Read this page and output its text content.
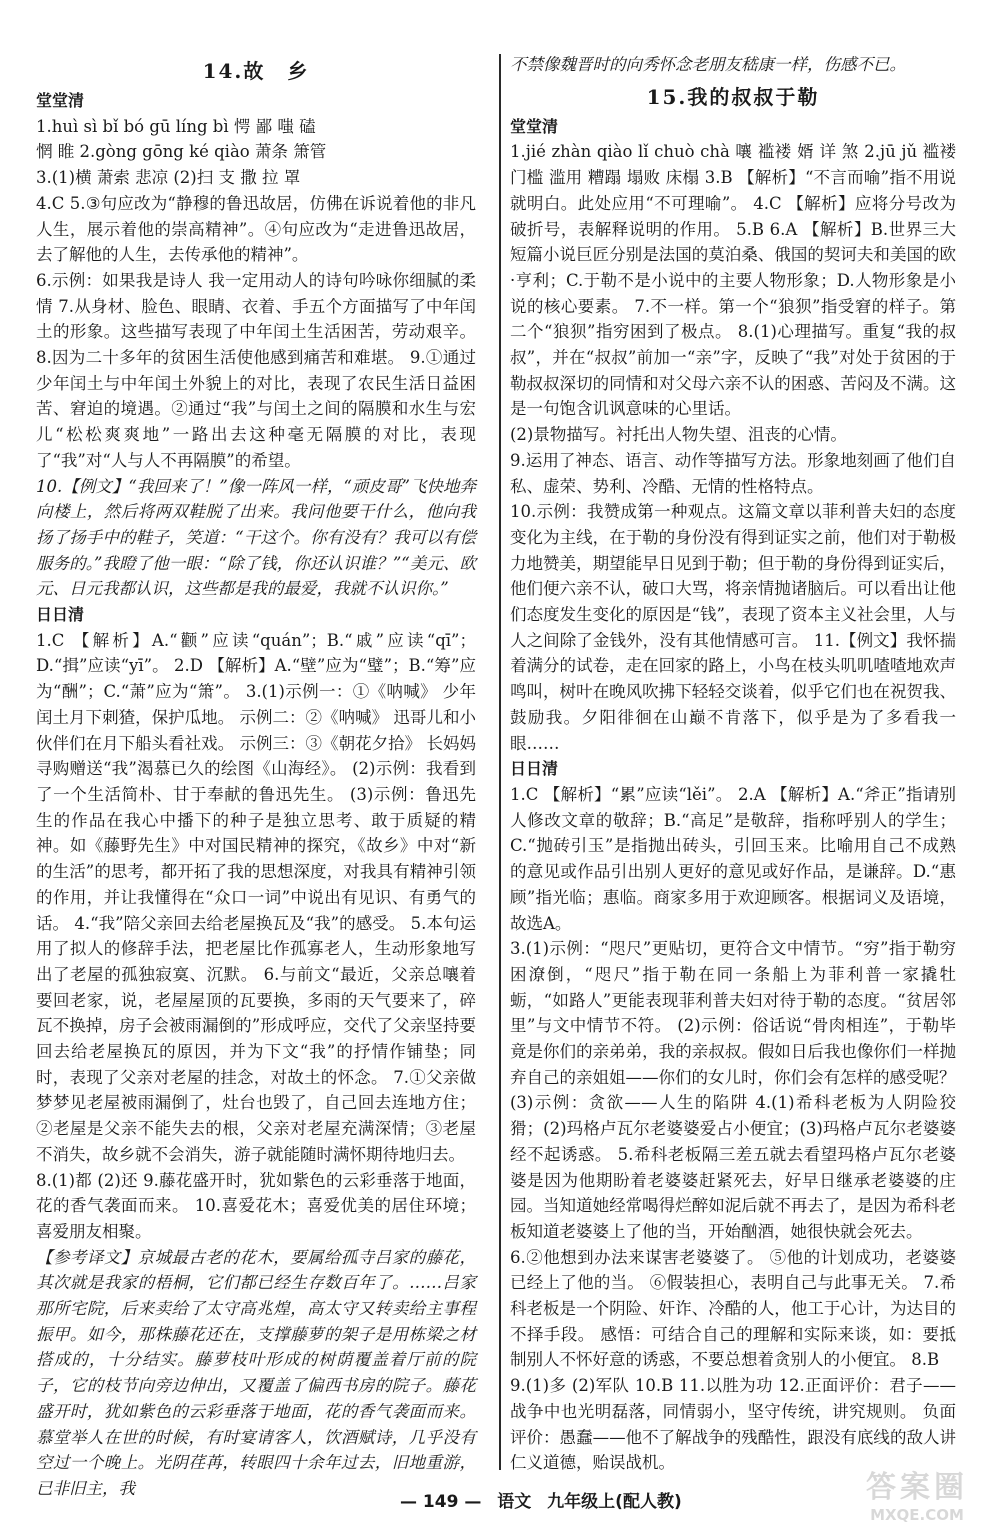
14.故　乡
堂堂清

1.huì sì bǐ bó gū líng bì 愕 鄙 嗤 磕

惘 睢 2.gòng gōng ké qiào 萧条 箫管

3.(1)横 萧索 悲凉 (2)扫 支 撒 拉 罩

4.C 5.③句应改为“静穆的鲁迅故居，仿佛在诉说着他的非凡人生，展示着他的崇高精神”。④句应改为“走进鲁迅故居，去了解他的人生，去传承他的精神”。

6.示例：如果我是诗人 我一定用动人的诗句吟咏你细腻的柔情 7.从身材、脸色、眼睛、衣着、手五个方面描写了中年闰土的形象。这些描写表现了中年闰土生活困苦，劳动艰辛。 8.因为二十多年的贫困生活使他感到痛苦和难堪。 9.①通过少年闰土与中年闰土外貌上的对比，表现了农民生活日益困苦、窘迫的境遇。②通过“我”与闰土之间的隔膜和水生与宏儿“松松爽爽地”一路出去这种毫无隔膜的对比，表现了“我”对“人与人不再隔膜”的希望。

10.【例文】“我回来了！”像一阵风一样，“顽皮哥”飞快地奔向楼上，然后将两双鞋脱了出来。我问他要干什么，他向我扬了扬手中的鞋子，笑道：“干这个。你有没有？我可以有偿服务的。”我瞪了他一眼：“除了钱，你还认识谁？”“美元、欧元、日元我都认识，这些都是我的最爱，我就不认识你。”

日日清

1.C 【解析】A.“颧”应读“quán”；B.“戚”应读“qī”；D.“揖”应读“yī”。 2.D 【解析】A.“壁”应为“璧”；B.“筹”应为“酬”；C.“萧”应为“箫”。 3.(1)示例一：①《呐喊》 少年闰土月下刺猹，保护瓜地。 示例二：②《呐喊》 迅哥儿和小伙伴们在月下船头看社戏。 示例三：③《朝花夕拾》 长妈妈寻购赠送“我”渴慕已久的绘图《山海经》。 (2)示例：我看到了一个生活简朴、甘于奉献的鲁迅先生。 (3)示例：鲁迅先生的作品在我心中播下的种子是独立思考、敢于质疑的精神。如《藤野先生》中对国民精神的探究，《故乡》中对“新的生活”的思考，都开拓了我的思想深度，对我具有精神引领的作用，并让我懂得在“众口一词”中说出有见识、有勇气的话。 4.“我”陪父亲回去给老屋换瓦及“我”的感受。 5.本句运用了拟人的修辞手法，把老屋比作孤寡老人，生动形象地写出了老屋的孤独寂寞、沉默。 6.与前文“最近，父亲总嚷着要回老家，说，老屋屋顶的瓦要换，多雨的天气要来了，碎瓦不换掉，房子会被雨漏倒的”形成呼应，交代了父亲坚持要回去给老屋换瓦的原因，并为下文“我”的抒情作铺垫；同时，表现了父亲对老屋的挂念，对故土的怀念。 7.①父亲做梦梦见老屋被雨漏倒了，灶台也毁了，自己回去连地方住；②老屋是父亲不能失去的根，父亲对老屋充满深情；③老屋不消失，故乡就不会消失，游子就能随时满怀期待地归去。

8.(1)都 (2)还 9.藤花盛开时，犹如紫色的云彩垂落于地面，花的香气袭面而来。 10.喜爱花木；喜爱优美的居住环境；喜爱朋友相聚。

【参考译文】京城最古老的花木，要属给孤寺吕家的藤花，其次就是我家的梧桐，它们都已经生存数百年了。……吕家那所宅院，后来卖给了太守高兆煌，高太守又转卖给主事程振甲。如今，那株藤花还在，支撑藤萝的架子是用栋梁之材搭成的，十分结实。藤萝枝叶形成的树荫覆盖着厅前的院子，它的枝节向旁边伸出，又覆盖了偏西书房的院子。藤花盛开时，犹如紫色的云彩垂落于地面，花的香气袭面而来。慕堂举人在世的时候，有时宴请客人，饮酒赋诗，几乎没有空过一个晚上。光阴荏苒，转眼四十余年过去，旧地重游，已非旧主，我

不禁像魏晋时的向秀怀念老朋友嵇康一样，伤感不已。

15.我的叔叔于勒
堂堂清

1.jié zhàn qiào lǐ chuò chà 嚷 褴褛 婿 详 煞 2.jū jǔ 褴褛 门槛 滥用 糟蹋 塌败 床榻 3.B 【解析】“不言而喻”指不用说就明白。此处应用“不可理喻”。 4.C 【解析】应将分号改为破折号，表解释说明的作用。 5.B 6.A 【解析】B.世界三大短篇小说巨匠分别是法国的莫泊桑、俄国的契诃夫和美国的欧·亨利；C.于勒不是小说中的主要人物形象；D.人物形象是小说的核心要素。 7.不一样。第一个“狼狈”指受窘的样子。第二个“狼狈”指穷困到了极点。 8.(1)心理描写。重复“我的叔叔”，并在“叔叔”前加一“亲”字，反映了“我”对处于贫困的于勒叔叔深切的同情和对父母六亲不认的困惑、苦闷及不满。这是一句饱含讥讽意味的心里话。

(2)景物描写。衬托出人物失望、沮丧的心情。

9.运用了神态、语言、动作等描写方法。形象地刻画了他们自私、虚荣、势利、冷酷、无情的性格特点。

10.示例：我赞成第一种观点。这篇文章以菲利普夫妇的态度变化为主线，在于勒的身份没有得到证实之前，他们对于勒极力地赞美，期望能早日见到于勒；但于勒的身份得到证实后，他们便六亲不认，破口大骂，将亲情抛诸脑后。可以看出让他们态度发生变化的原因是“钱”，表现了资本主义社会里，人与人之间除了金钱外，没有其他情感可言。 11.【例文】我怀揣着满分的试卷，走在回家的路上，小鸟在枝头叽叽喳喳地欢声鸣叫，树叶在晚风吹拂下轻轻交谈着，似乎它们也在祝贺我、鼓励我。夕阳徘徊在山巅不肯落下，似乎是为了多看我一眼……

日日清

1.C 【解析】“累”应读“lěi”。 2.A 【解析】A.“斧正”指请别人修改文章的敬辞；B.“高足”是敬辞，指称呼别人的学生；C.“抛砖引玉”是指抛出砖头，引回玉来。比喻用自己不成熟的意见或作品引出别人更好的意见或好作品，是谦辞。D.“惠顾”指光临；惠临。商家多用于欢迎顾客。根据词义及语境，故选A。

3.(1)示例：“咫尺”更贴切，更符合文中情节。“穷”指于勒穷困潦倒，“咫尺”指于勒在同一条船上为菲利普一家撬牡蛎，“如路人”更能表现菲利普夫妇对待于勒的态度。“贫居邻里”与文中情节不符。 (2)示例：俗话说“骨肉相连”，于勒毕竟是你们的亲弟弟，我的亲叔叔。假如日后我也像你们一样抛弃自己的亲姐姐——你们的女儿时，你们会有怎样的感受呢？

(3)示例：贪欲——人生的陷阱 4.(1)希科老板为人阴险狡猾；(2)玛格卢瓦尔老婆婆爱占小便宜；(3)玛格卢瓦尔老婆婆经不起诱惑。 5.希科老板隔三差五就去看望玛格卢瓦尔老婆婆是因为他期盼着老婆婆赶紧死去，好早日继承老婆婆的庄园。当知道她经常喝得烂醉如泥后就不再去了，是因为希科老板知道老婆婆上了他的当，开始酗酒，她很快就会死去。

6.②他想到办法来谋害老婆婆了。 ⑤他的计划成功，老婆婆已经上了他的当。 ⑥假装担心，表明自己与此事无关。 7.希科老板是一个阴险、奸诈、冷酷的人，他工于心计，为达目的不择手段。 感悟：可结合自己的理解和实际来谈，如：要抵制别人不怀好意的诱惑，不要总想着贪别人的小便宜。 8.B

9.(1)多 (2)军队 10.B 11.以胜为功 12.正面评价：君子——战争中也光明磊落，同情弱小，坚守传统，讲究规则。 负面评价：愚蠢——他不了解战争的残酷性，跟没有底线的敌人讲仁义道德，贻误战机。

— 149 — 语文 九年级上(配人教)	答案圈
MXQE.COM
